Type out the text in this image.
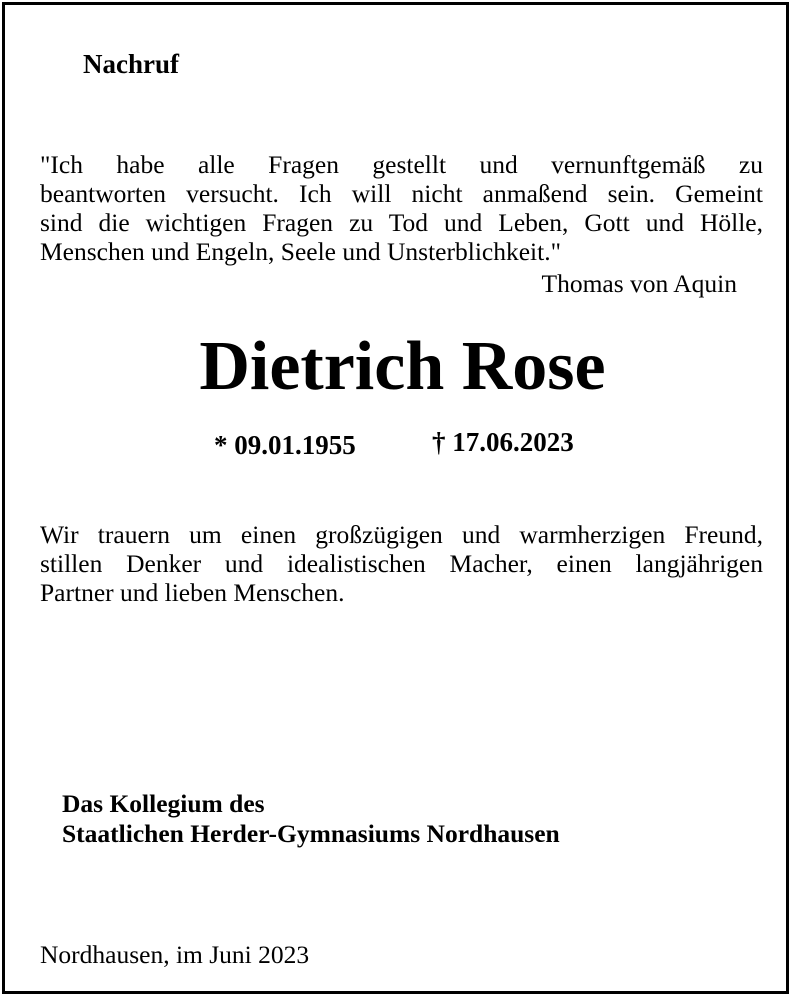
Nachruf
"Ich habe alle Fragen gestellt und vernunftgemäß zu
beantworten versucht. Ich will nicht anmaßend sein. Gemeint
sind die wichtigen Fragen zu Tod und Leben, Gott und Hölle,
Menschen und Engeln, Seele und Unsterblichkeit."
Thomas von Aquin
Dietrich Rose
* 09.01.1955	† 17.06.2023
Wir trauern um einen großzügigen und warmherzigen Freund,
stillen Denker und idealistischen Macher, einen langjährigen
Partner und lieben Menschen.
Das Kollegium des
Staatlichen Herder-Gymnasiums Nordhausen
Nordhausen, im Juni 2023
